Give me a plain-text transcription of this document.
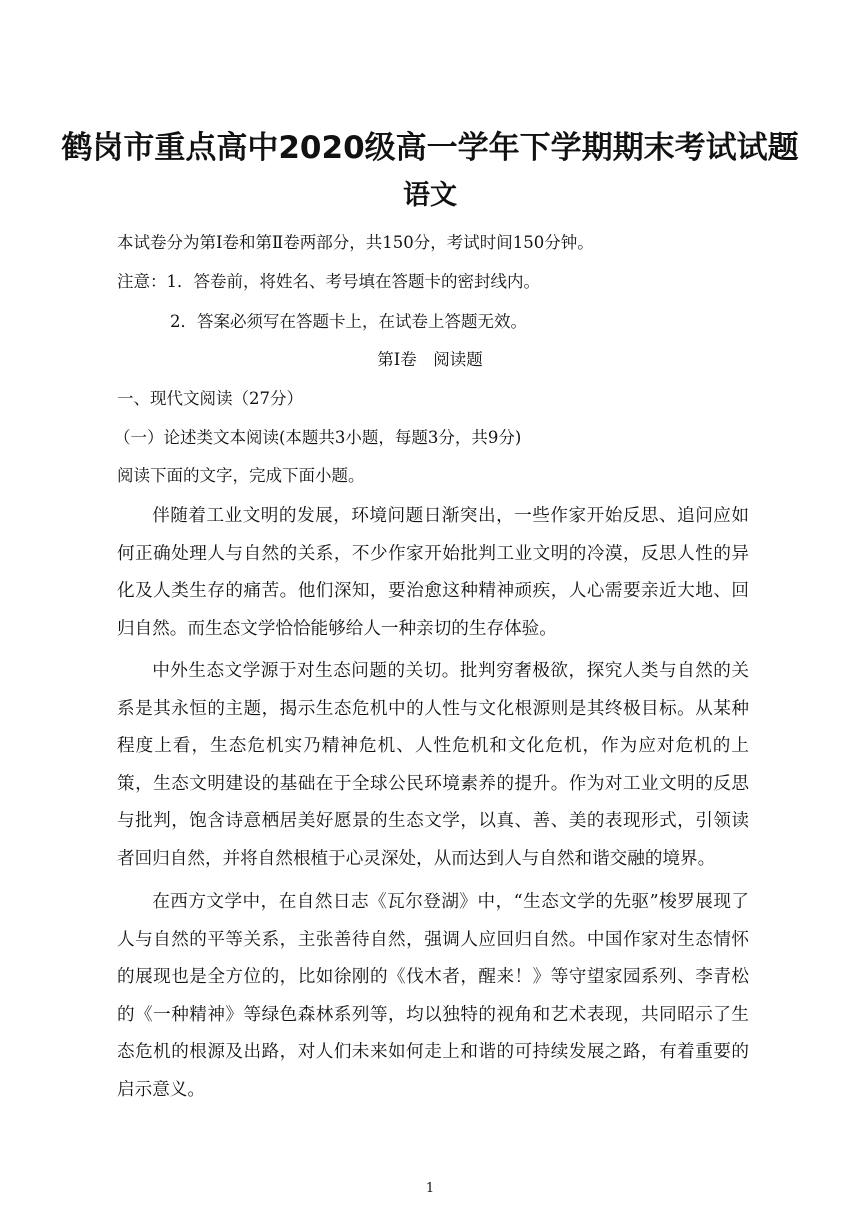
鹤岗市重点高中2020级高一学年下学期期末考试试题
语文
本试卷分为第Ⅰ卷和第Ⅱ卷两部分，共150分，考试时间150分钟。
注意：1．答卷前，将姓名、考号填在答题卡的密封线内。
2．答案必须写在答题卡上，在试卷上答题无效。
第Ⅰ卷　阅读题
一、现代文阅读（27分）
（一）论述类文本阅读(本题共3小题，每题3分，共9分)
阅读下面的文字，完成下面小题。

伴随着工业文明的发展，环境问题日渐突出，一些作家开始反思、追问应如何正确处理人与自然的关系，不少作家开始批判工业文明的冷漠，反思人性的异化及人类生存的痛苦。他们深知，要治愈这种精神顽疾，人心需要亲近大地、回归自然。而生态文学恰恰能够给人一种亲切的生存体验。

中外生态文学源于对生态问题的关切。批判穷奢极欲，探究人类与自然的关系是其永恒的主题，揭示生态危机中的人性与文化根源则是其终极目标。从某种程度上看，生态危机实乃精神危机、人性危机和文化危机，作为应对危机的上策，生态文明建设的基础在于全球公民环境素养的提升。作为对工业文明的反思与批判，饱含诗意栖居美好愿景的生态文学，以真、善、美的表现形式，引领读者回归自然，并将自然根植于心灵深处，从而达到人与自然和谐交融的境界。

在西方文学中，在自然日志《瓦尔登湖》中，“生态文学的先驱”梭罗展现了人与自然的平等关系，主张善待自然，强调人应回归自然。中国作家对生态情怀的展现也是全方位的，比如徐刚的《伐木者，醒来！》等守望家园系列、李青松的《一种精神》等绿色森林系列等，均以独特的视角和艺术表现，共同昭示了生态危机的根源及出路，对人们未来如何走上和谐的可持续发展之路，有着重要的启示意义。

1
